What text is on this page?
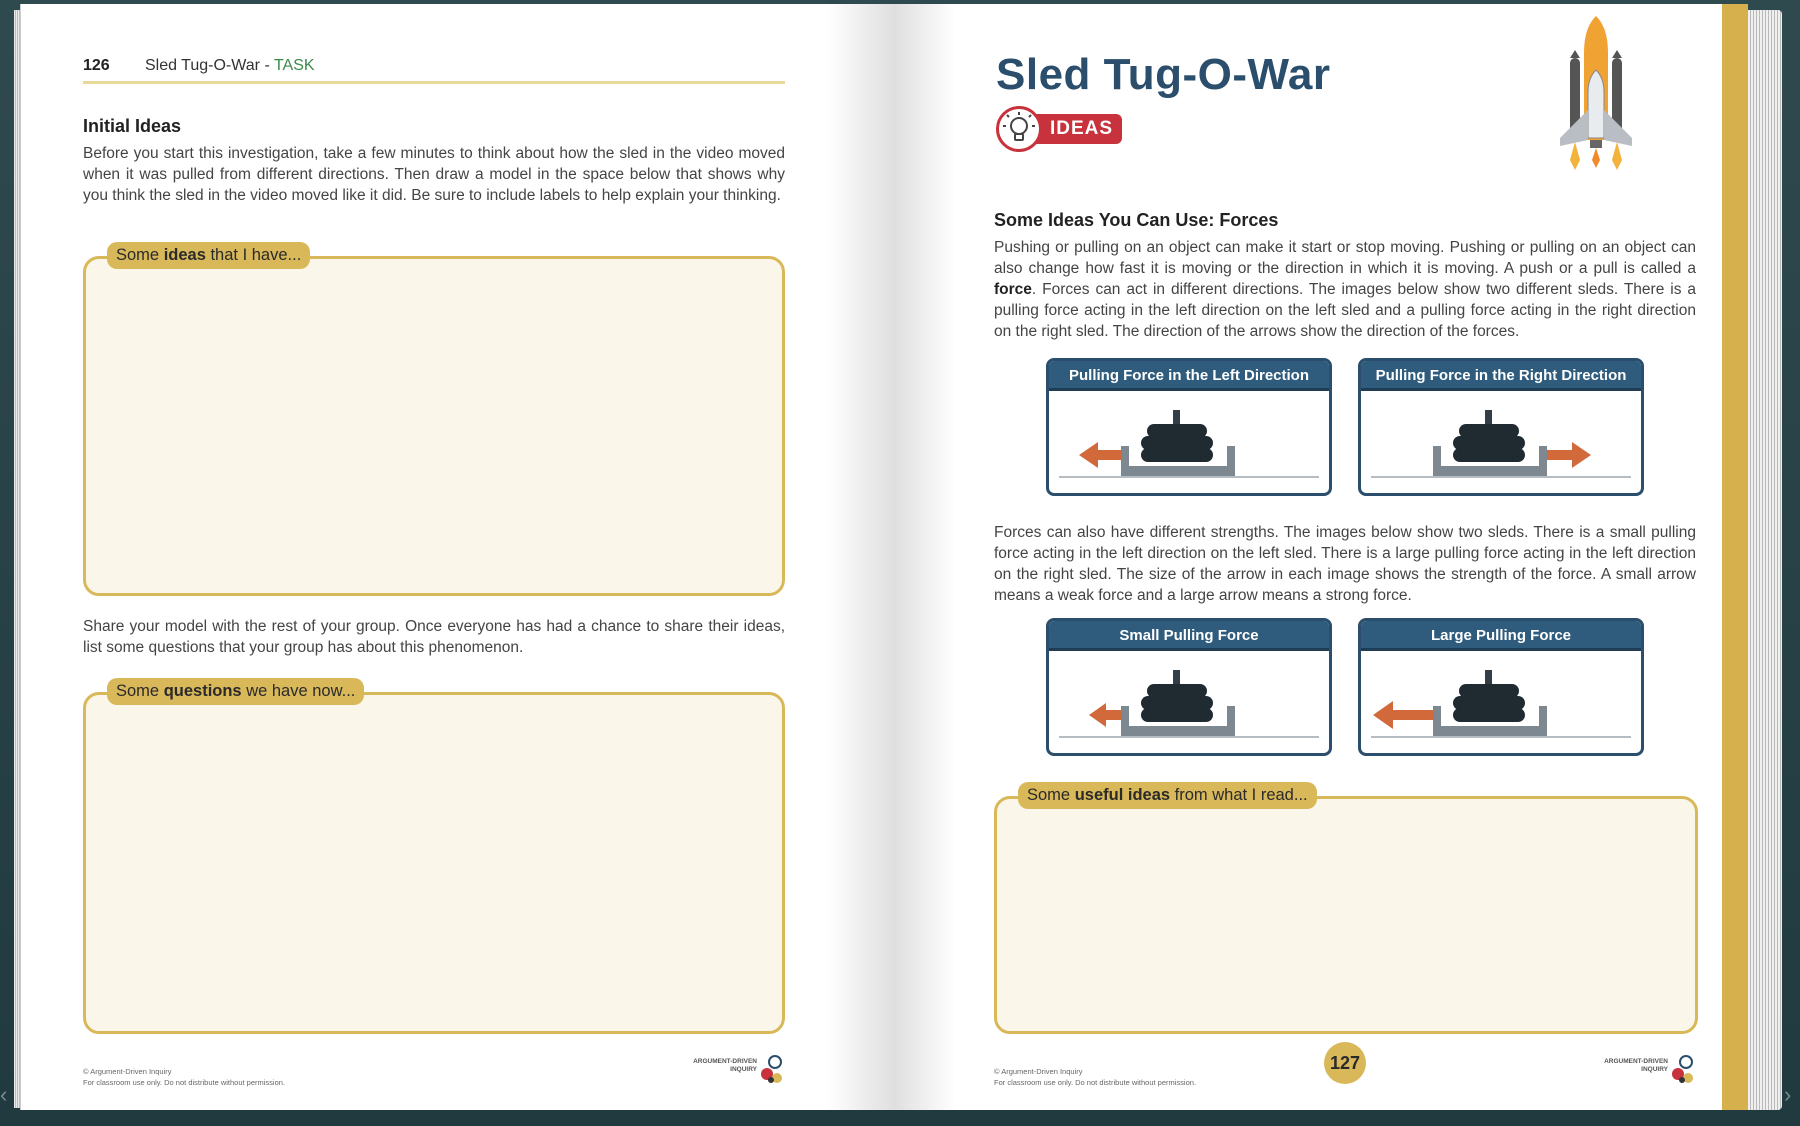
‹	›
126 Sled Tug-O-War - TASK
Initial Ideas

Before you start this investigation, take a few minutes to think about how the sled in the video moved when it was pulled from different directions. Then draw a model in the space below that shows why you think the sled in the video moved like it did. Be sure to include labels to help explain your thinking.

Some ideas that I have...

Share your model with the rest of your group. Once everyone has had a chance to share their ideas, list some questions that your group has about this phenomenon.

Some questions we have now...
© Argument-Driven Inquiry
For classroom use only. Do not distribute without permission.
ARGUMENT-DRIVEN
INQUIRY
Sled Tug-O-War
IDEAS
Some Ideas You Can Use: Forces

Pushing or pulling on an object can make it start or stop moving. Pushing or pulling on an object can also change how fast it is moving or the direction in which it is moving. A push or a pull is called a force. Forces can act in different directions. The images below show two different sleds. There is a pulling force acting in the left direction on the left sled and a pulling force acting in the right direction on the right sled. The direction of the arrows show the direction of the forces.

Pulling Force in the Left Direction	Pulling Force in the Right Direction

Forces can also have different strengths. The images below show two sleds. There is a small pulling force acting in the left direction on the left sled. There is a large pulling force acting in the left direction on the right sled. The size of the arrow in each image shows the strength of the force. A small arrow means a weak force and a large arrow means a strong force.

Small Pulling Force	Large Pulling Force
Some useful ideas from what I read...
© Argument-Driven Inquiry
For classroom use only. Do not distribute without permission.
127	ARGUMENT-DRIVEN
INQUIRY
